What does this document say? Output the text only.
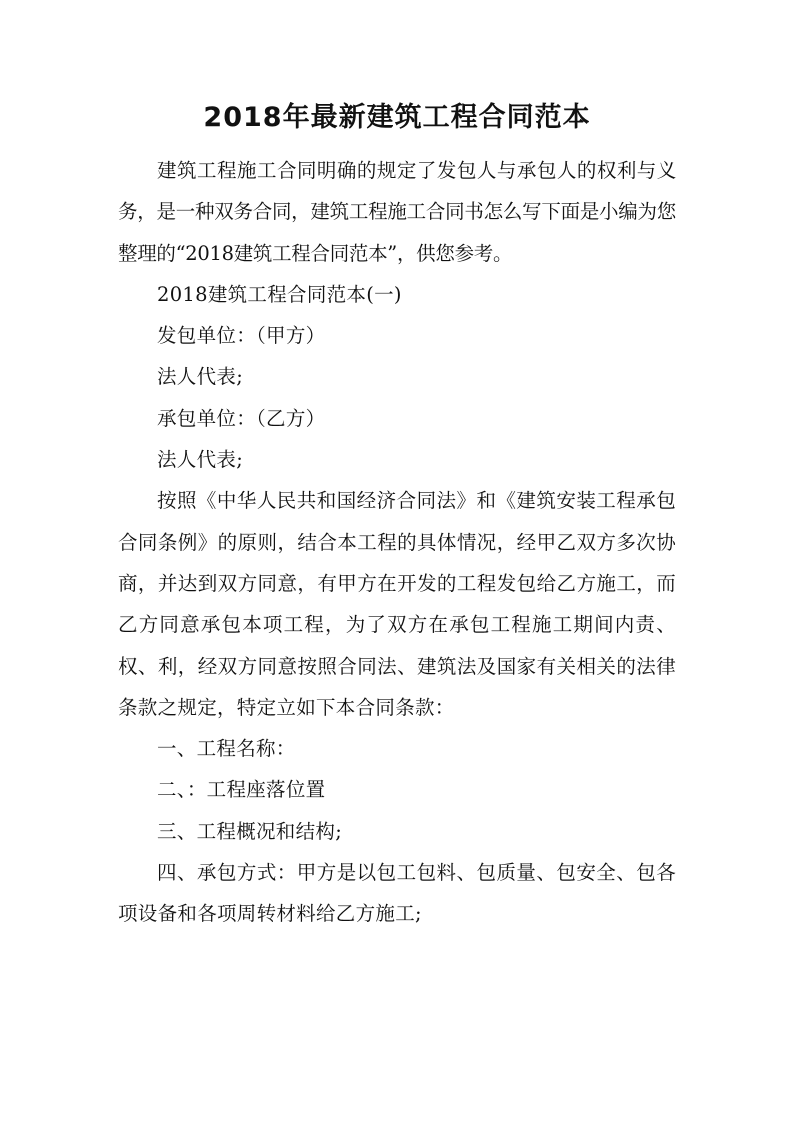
2018年最新建筑工程合同范本

建筑工程施工合同明确的规定了发包人与承包人的权利与义务，是一种双务合同，建筑工程施工合同书怎么写下面是小编为您整理的“2018建筑工程合同范本”，供您参考。

2018建筑工程合同范本(一)

发包单位：（甲方）

法人代表;

承包单位：（乙方）

法人代表;

按照《中华人民共和国经济合同法》和《建筑安装工程承包合同条例》的原则，结合本工程的具体情况，经甲乙双方多次协商，并达到双方同意，有甲方在开发的工程发包给乙方施工，而乙方同意承包本项工程，为了双方在承包工程施工期间内责、权、利，经双方同意按照合同法、建筑法及国家有关相关的法律条款之规定，特定立如下本合同条款：

一、工程名称：

二、：工程座落位置

三、工程概况和结构;

四、承包方式：甲方是以包工包料、包质量、包安全、包各项设备和各项周转材料给乙方施工;
